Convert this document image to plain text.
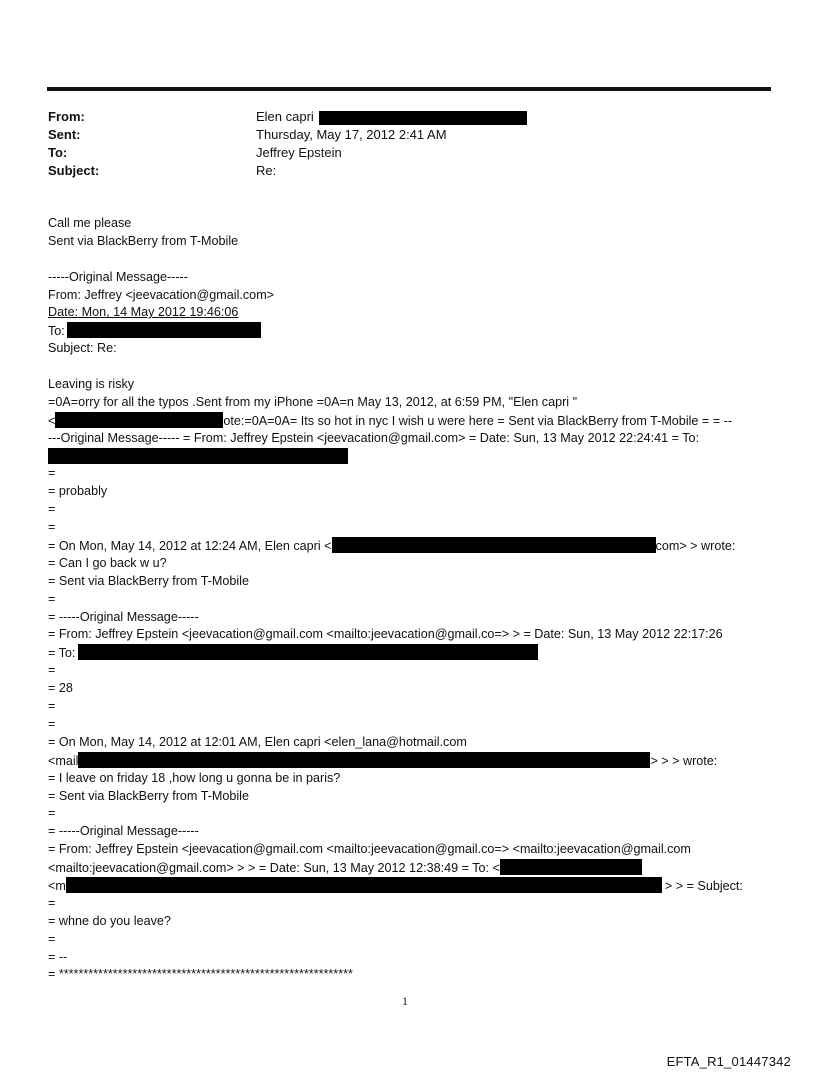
From:	Elen capri
Sent:	Thursday, May 17, 2012 2:41 AM
To:	Jeffrey Epstein
Subject:	Re:
Call me please
Sent via BlackBerry from T-Mobile
-----Original Message-----
From: Jeffrey <jeevacation@gmail.com>
Date: Mon, 14 May 2012 19:46:06
To:
Subject: Re:
Leaving is risky
=0A=orry for all the typos .Sent from my iPhone =0A=n May 13, 2012, at 6:59 PM, "Elen capri "
<	ote:=0A=0A= Its so hot in nyc I wish u were here = Sent via BlackBerry from T-Mobile = = --
---Original Message----- = From: Jeffrey Epstein <jeevacation@gmail.com> = Date: Sun, 13 May 2012 22:24:41 = To:
=
= probably
=
=
= On Mon, May 14, 2012 at 12:24 AM, Elen capri <	com> > wrote:
= Can I go back w u?
= Sent via BlackBerry from T-Mobile
=
= -----Original Message-----
= From: Jeffrey Epstein <jeevacation@gmail.com <mailto:jeevacation@gmail.co=> > = Date: Sun, 13 May 2012 22:17:26
= To:
=
= 28
=
=
= On Mon, May 14, 2012 at 12:01 AM, Elen capri <elen_lana@hotmail.com
<mail	> > > wrote:
= I leave on friday 18 ,how long u gonna be in paris?
= Sent via BlackBerry from T-Mobile
=
= -----Original Message-----
= From: Jeffrey Epstein <jeevacation@gmail.com <mailto:jeevacation@gmail.co=> <mailto:jeevacation@gmail.com
<mailto:jeevacation@gmail.com> > > = Date: Sun, 13 May 2012 12:38:49 = To: <
<m	> > = Subject:
=
= whne do you leave?
=
= --
= ************************************************************
1
EFTA_R1_01447342
